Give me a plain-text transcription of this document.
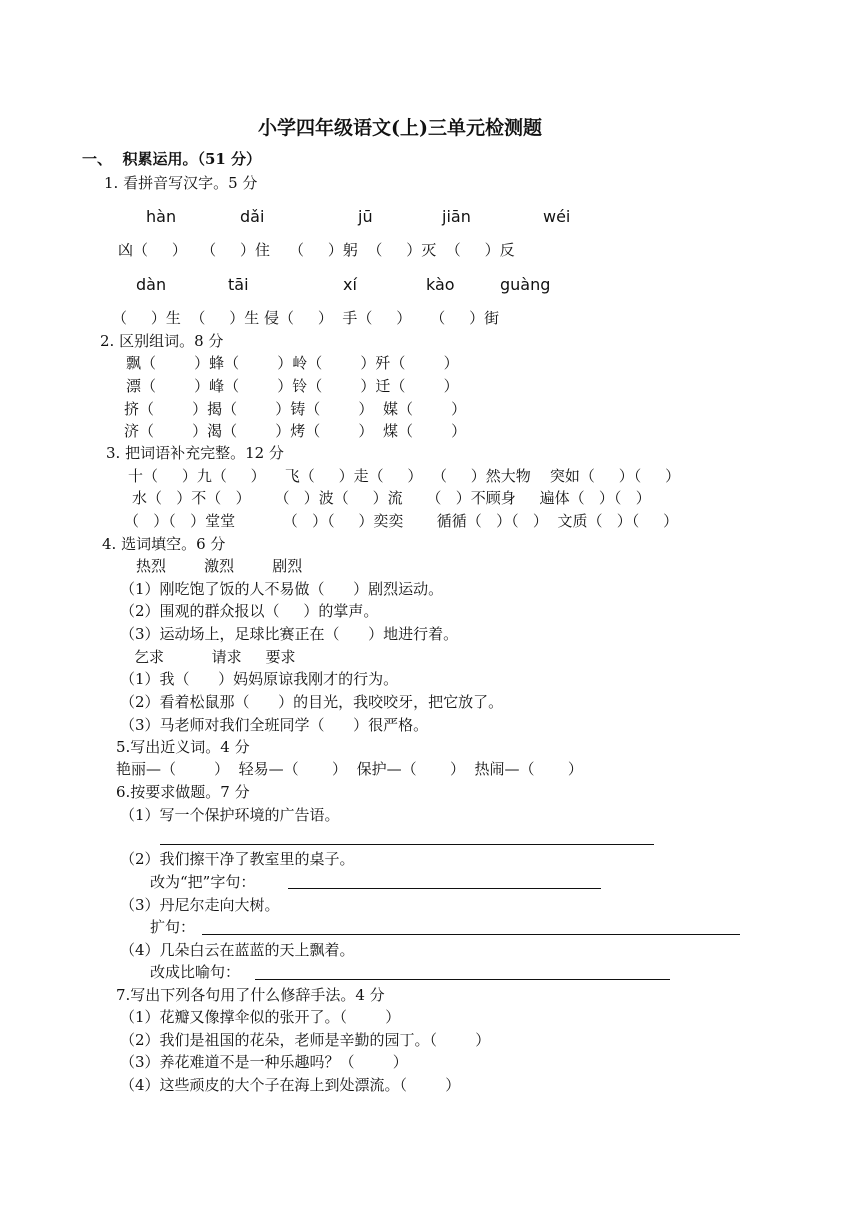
小学四年级语文(上)三单元检测题
一、  积累运用。（51 分）
1. 看拼音写汉字。5 分
hàn	dǎi	jū	jiān	wéi
凶（     ）   （     ）住    （     ）躬  （     ）灭  （     ）反
dàn	tāi	xí	kào	guàng
（     ）生  （     ）生 侵（     ）  手（     ）    （     ）街
2. 区别组词。8 分
飘（        ）蜂（        ）岭（        ）歼（        ）
漂（        ）峰（        ）铃（        ）迁（        ）
挤（        ）揭（        ）铸（        ）  媒（        ）
济（        ）渴（        ）烤（        ）  煤（        ）
3. 把词语补充完整。12 分
十（     ）九（     ）    飞（     ）走（     ）  （     ）然大物    突如（     ）（     ）
水（   ）不（   ）     （   ）波（     ）流     （   ）不顾身     遍体（   ）（   ）
（   ）（   ）堂堂          （   ）（     ）奕奕       循循（   ）（   ）  文质（   ）（     ）
4. 选词填空。6 分
热烈        激烈        剧烈
（1）刚吃饱了饭的人不易做（      ）剧烈运动。
（2）围观的群众报以（     ）的掌声。
（3）运动场上，足球比赛正在（      ）地进行着。
乞求          请求     要求
（1）我（      ）妈妈原谅我刚才的行为。
（2）看着松鼠那（      ）的目光，我咬咬牙，把它放了。
（3）马老师对我们全班同学（      ）很严格。
5.写出近义词。4 分
艳丽—（        ）  轻易—（       ）  保护—（       ）  热闹—（       ）
6.按要求做题。7 分
（1）写一个保护环境的广告语。
（2）我们擦干净了教室里的桌子。
改为“把”字句：
（3）丹尼尔走向大树。
扩句：
（4）几朵白云在蓝蓝的天上飘着。
改成比喻句：
7.写出下列各句用了什么修辞手法。4 分
（1）花瓣又像撑伞似的张开了。（        ）
（2）我们是祖国的花朵，老师是辛勤的园丁。（        ）
（3）养花难道不是一种乐趣吗？（        ）
（4）这些顽皮的大个子在海上到处漂流。（        ）
